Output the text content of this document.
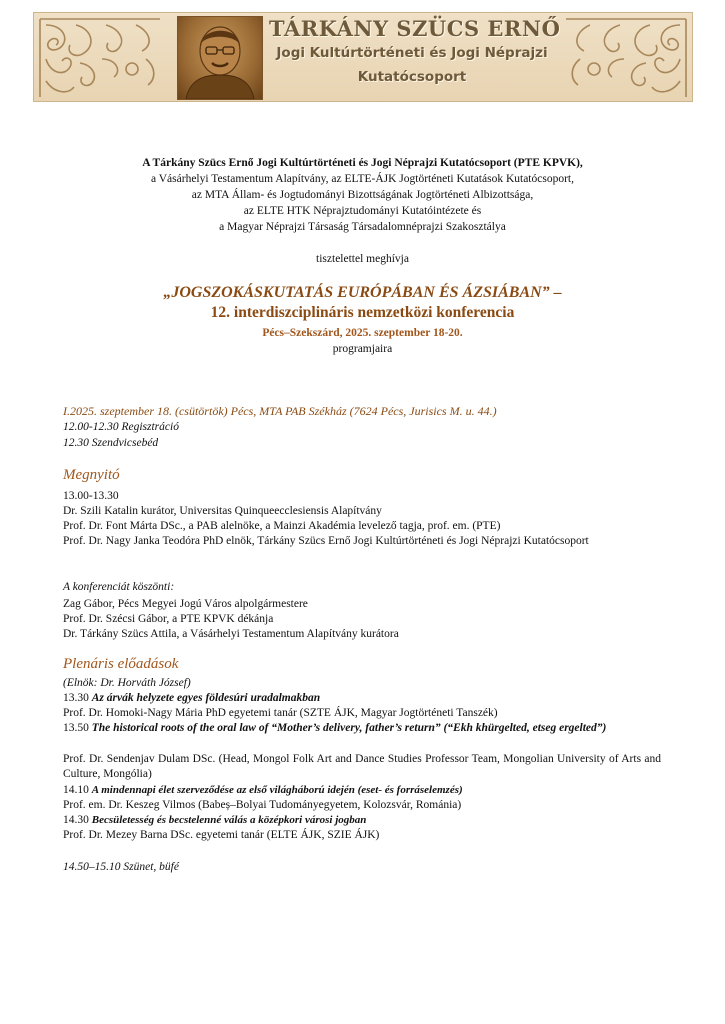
TÁRKÁNY SZÜCS ERNŐ
Jogi Kultúrtörténeti és Jogi Néprajzi
Kutatócsoport
A Tárkány Szücs Ernő Jogi Kultúrtörténeti és Jogi Néprajzi Kutatócsoport (PTE KPVK),
a Vásárhelyi Testamentum Alapítvány, az ELTE-ÁJK Jogtörténeti Kutatások Kutatócsoport,
az MTA Állam- és Jogtudományi Bizottságának Jogtörténeti Albizottsága,
az ELTE HTK Néprajztudományi Kutatóintézete és
a Magyar Néprajzi Társaság Társadalomnéprajzi Szakosztálya
tisztelettel meghívja
„JOGSZOKÁSKUTATÁS EURÓPÁBAN ÉS ÁZSIÁBAN” –
12. interdiszciplináris nemzetközi konferencia
Pécs–Szekszárd, 2025. szeptember 18-20.
programjaira
I.2025. szeptember 18. (csütörtök) Pécs, MTA PAB Székház (7624 Pécs, Jurisics M. u. 44.)
12.00-12.30 Regisztráció
12.30 Szendvicsebéd
Megnyitó
13.00-13.30
Dr. Szili Katalin kurátor, Universitas Quinqueecclesiensis Alapítvány
Prof. Dr. Font Márta DSc., a PAB alelnöke, a Mainzi Akadémia levelező tagja, prof. em. (PTE)
Prof. Dr. Nagy Janka Teodóra PhD elnök, Tárkány Szücs Ernő Jogi Kultúrtörténeti és Jogi Néprajzi Kutatócsoport
A konferenciát köszönti:
Zag Gábor, Pécs Megyei Jogú Város alpolgármestere
Prof. Dr. Szécsi Gábor, a PTE KPVK dékánja
Dr. Tárkány Szücs Attila, a Vásárhelyi Testamentum Alapítvány kurátora
Plenáris előadások
(Elnök: Dr. Horváth József)
13.30 Az árvák helyzete egyes földesúri uradalmakban
Prof. Dr. Homoki-Nagy Mária PhD egyetemi tanár (SZTE ÁJK, Magyar Jogtörténeti Tanszék)
13.50 The historical roots of the oral law of “Mother’s delivery, father’s return” (“Ekh khürgelted, etseg ergelted”)
Prof. Dr. Sendenjav Dulam DSc. (Head, Mongol Folk Art and Dance Studies Professor Team, Mongolian University of Arts and Culture, Mongólia)
14.10 A mindennapi élet szerveződése az első világháború idején (eset- és forráselemzés)
Prof. em. Dr. Keszeg Vilmos (Babeș–Bolyai Tudományegyetem, Kolozsvár, Románia)
14.30 Becsületesség és becstelenné válás a középkori városi jogban
Prof. Dr. Mezey Barna DSc. egyetemi tanár (ELTE ÁJK, SZIE ÁJK)
14.50–15.10 Szünet, büfé
